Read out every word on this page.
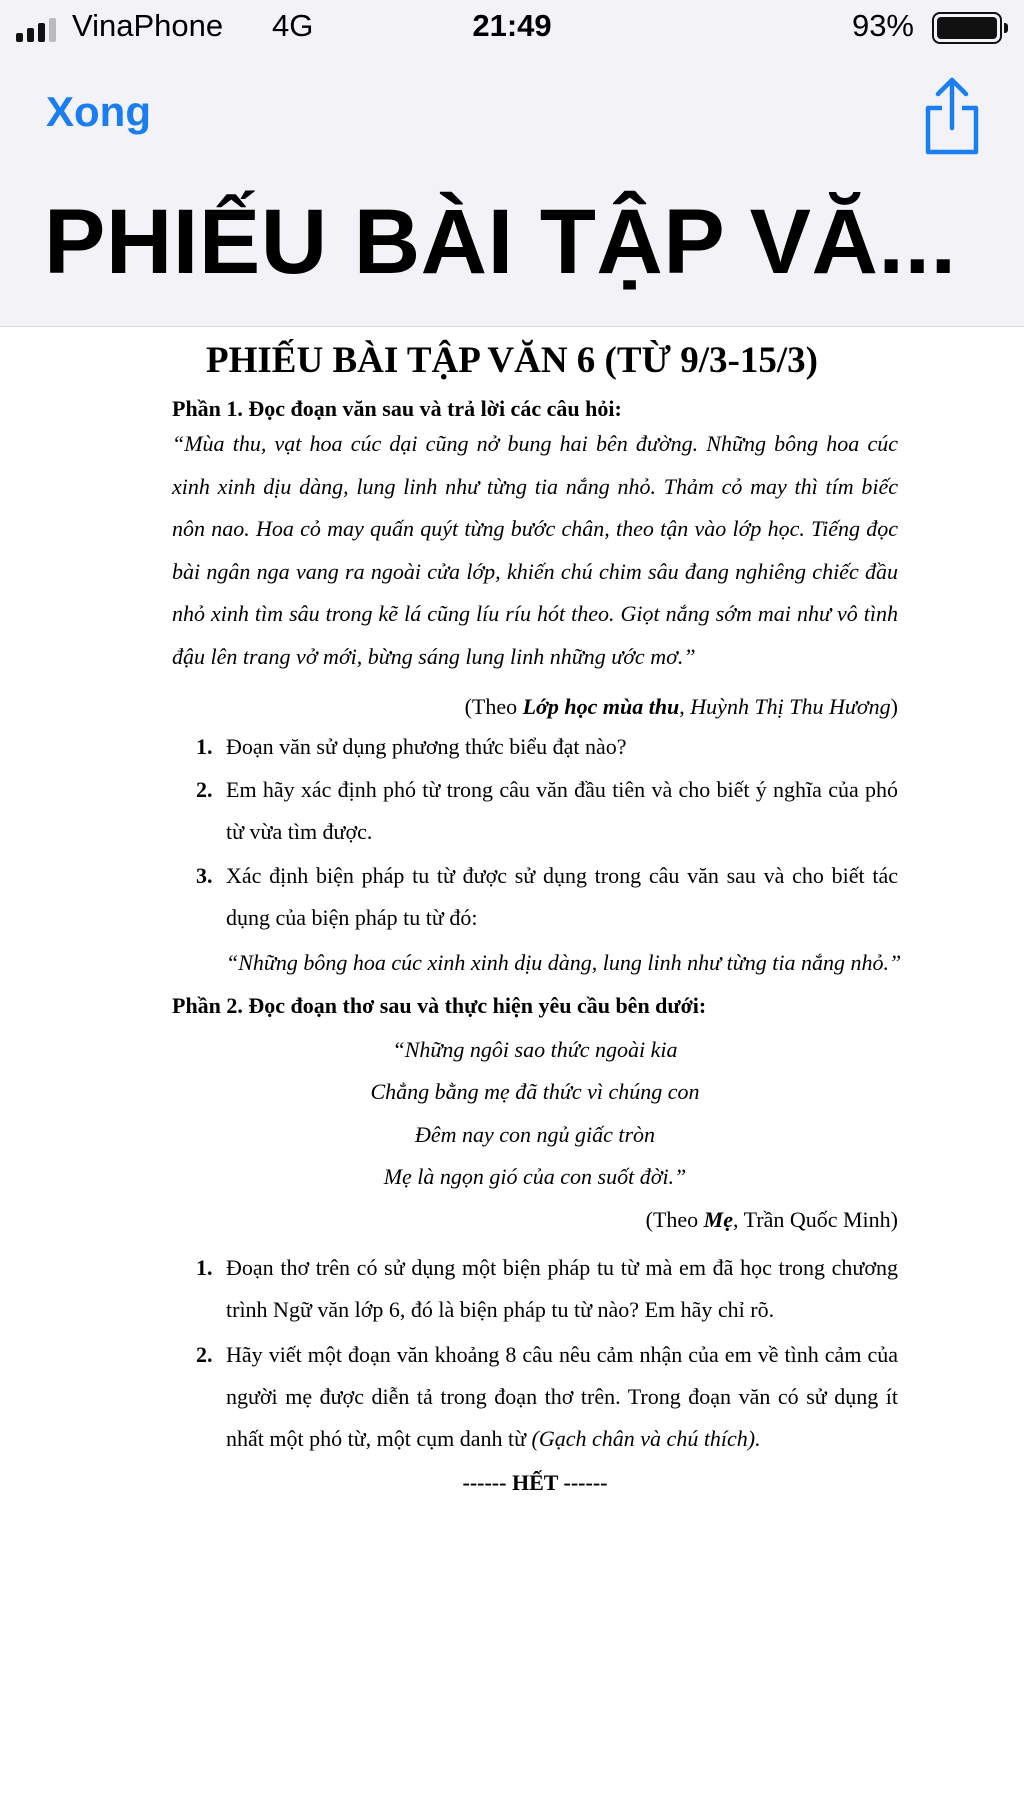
VinaPhone 4G	21:49	93%
Xong
PHIẾU BÀI TẬP VĂ...
PHIẾU BÀI TẬP VĂN 6 (TỪ 9/3-15/3)
Phần 1. Đọc đoạn văn sau và trả lời các câu hỏi:
“Mùa thu, vạt hoa cúc dại cũng nở bung hai bên đường. Những bông hoa cúc xinh xinh dịu dàng, lung linh như từng tia nắng nhỏ. Thảm cỏ may thì tím biếc nôn nao. Hoa cỏ may quấn quýt từng bước chân, theo tận vào lớp học. Tiếng đọc bài ngân nga vang ra ngoài cửa lớp, khiến chú chim sâu đang nghiêng chiếc đầu nhỏ xinh tìm sâu trong kẽ lá cũng líu ríu hót theo. Giọt nắng sớm mai như vô tình đậu lên trang vở mới, bừng sáng lung linh những ước mơ.”
(Theo Lớp học mùa thu, Huỳnh Thị Thu Hương)
1. Đoạn văn sử dụng phương thức biểu đạt nào?
2. Em hãy xác định phó từ trong câu văn đầu tiên và cho biết ý nghĩa của phó từ vừa tìm được.
3. Xác định biện pháp tu từ được sử dụng trong câu văn sau và cho biết tác dụng của biện pháp tu từ đó:
“Những bông hoa cúc xinh xinh dịu dàng, lung linh như từng tia nắng nhỏ.”
Phần 2. Đọc đoạn thơ sau và thực hiện yêu cầu bên dưới:
“Những ngôi sao thức ngoài kia
Chẳng bằng mẹ đã thức vì chúng con
Đêm nay con ngủ giấc tròn
Mẹ là ngọn gió của con suốt đời.”
(Theo Mẹ, Trần Quốc Minh)
1. Đoạn thơ trên có sử dụng một biện pháp tu từ mà em đã học trong chương trình Ngữ văn lớp 6, đó là biện pháp tu từ nào? Em hãy chỉ rõ.
2. Hãy viết một đoạn văn khoảng 8 câu nêu cảm nhận của em về tình cảm của người mẹ được diễn tả trong đoạn thơ trên. Trong đoạn văn có sử dụng ít nhất một phó từ, một cụm danh từ (Gạch chân và chú thích).
------ HẾT ------
